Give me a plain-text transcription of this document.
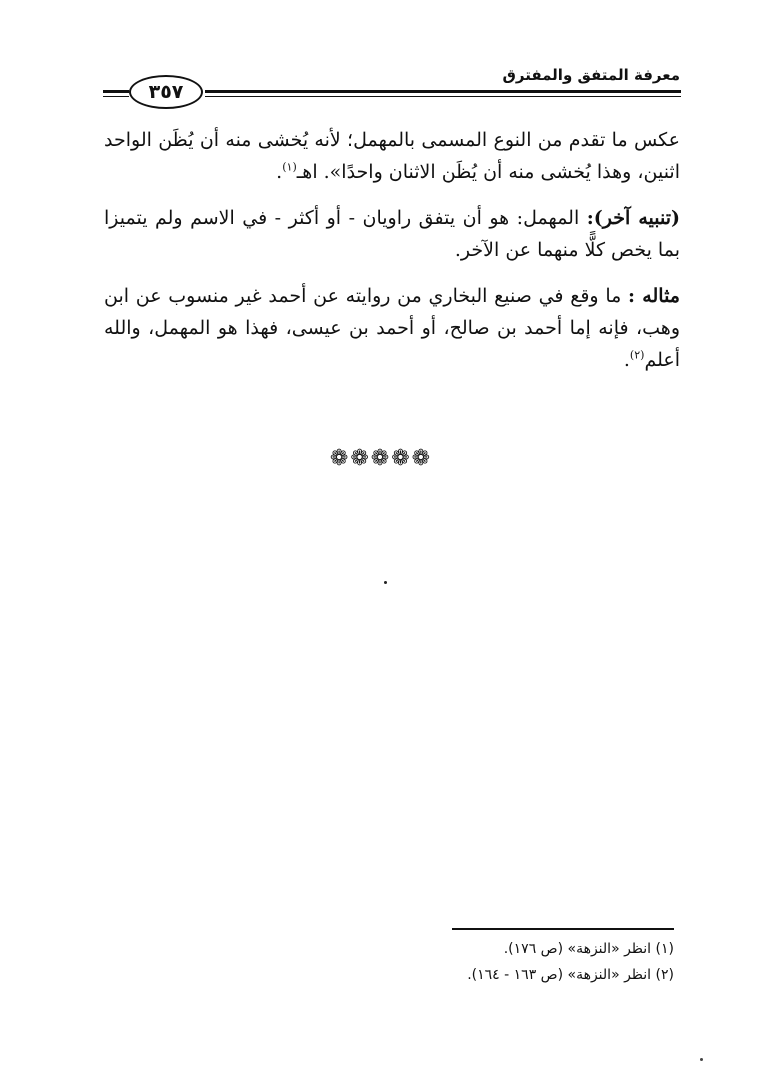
معرفة المتفق والمفترق
٣٥٧

عكس ما تقدم من النوع المسمى بالمهمل؛ لأنه يُخشى منه أن يُظَن الواحد اثنين، وهذا يُخشى منه أن يُظَن الاثنان واحدًا». اهـ$^{(١)}$.

(تنبيه آخر): المهمل: هو أن يتفق راويان - أو أكثر - في الاسم ولم يتميزا بما يخص كلًّا منهما عن الآخر.

مثاله : ما وقع في صنيع البخاري من روايته عن أحمد غير منسوب عن ابن وهب، فإنه إما أحمد بن صالح، أو أحمد بن عيسى، فهذا هو المهمل، والله أعلم$^{(٢)}$.

❁❁❁❁❁
(١) انظر «النزهة» (ص ١٧٦).
(٢) انظر «النزهة» (ص ١٦٣ - ١٦٤).
